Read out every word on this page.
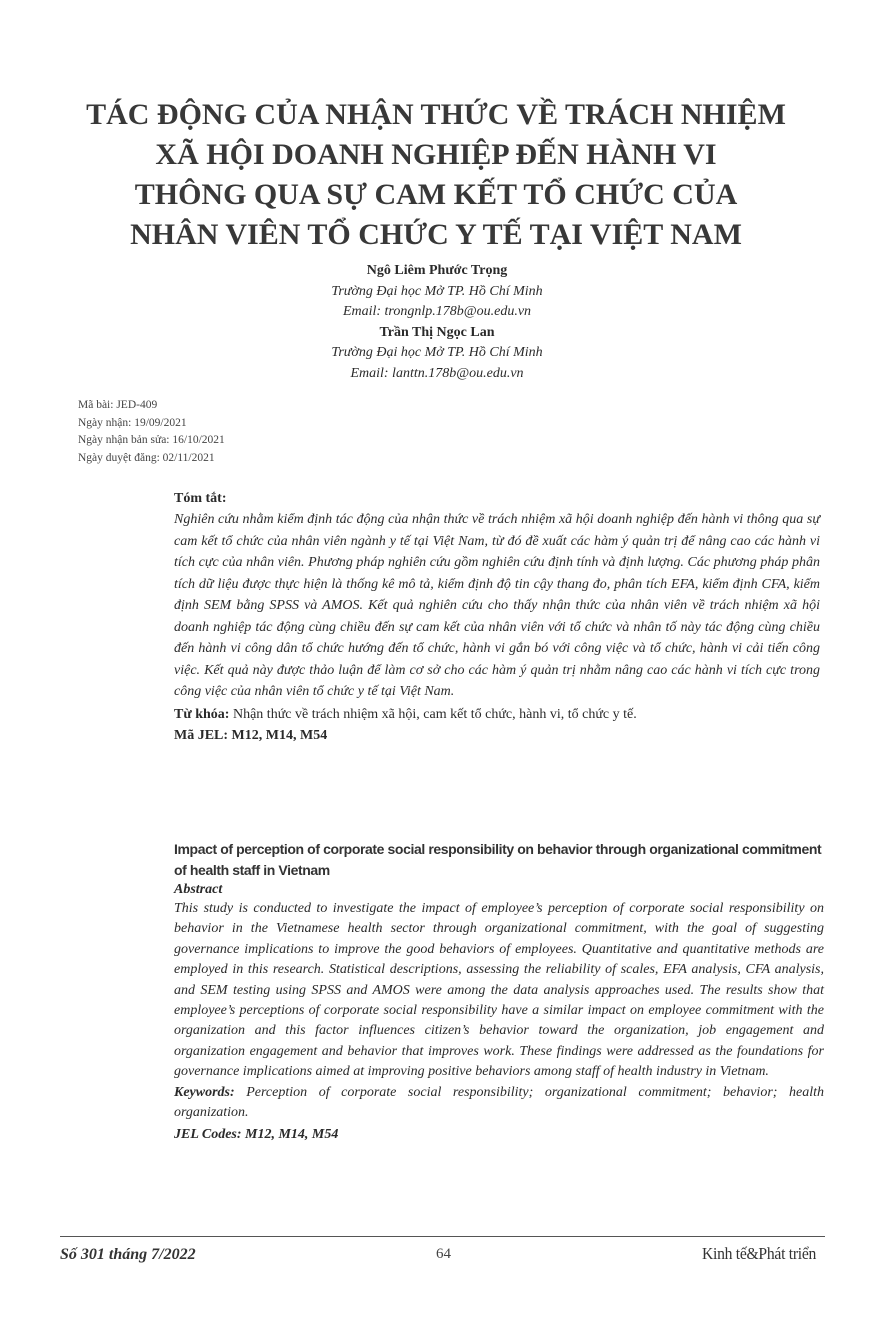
TÁC ĐỘNG CỦA NHẬN THỨC VỀ TRÁCH NHIỆM
XÃ HỘI DOANH NGHIỆP ĐẾN HÀNH VI
THÔNG QUA SỰ CAM KẾT TỔ CHỨC CỦA
NHÂN VIÊN TỔ CHỨC Y TẾ TẠI VIỆT NAM
Ngô Liêm Phước Trọng
Trường Đại học Mở TP. Hồ Chí Minh
Email: trongnlp.178b@ou.edu.vn
Trần Thị Ngọc Lan
Trường Đại học Mở TP. Hồ Chí Minh
Email: lanttn.178b@ou.edu.vn
Mã bài: JED-409
Ngày nhận: 19/09/2021
Ngày nhận bản sửa: 16/10/2021
Ngày duyệt đăng: 02/11/2021
Tóm tắt:

Nghiên cứu nhằm kiểm định tác động của nhận thức về trách nhiệm xã hội doanh nghiệp đến hành vi thông qua sự cam kết tổ chức của nhân viên ngành y tế tại Việt Nam, từ đó đề xuất các hàm ý quản trị để nâng cao các hành vi tích cực của nhân viên. Phương pháp nghiên cứu gồm nghiên cứu định tính và định lượng. Các phương pháp phân tích dữ liệu được thực hiện là thống kê mô tả, kiểm định độ tin cậy thang đo, phân tích EFA, kiểm định CFA, kiểm định SEM bằng SPSS và AMOS. Kết quả nghiên cứu cho thấy nhận thức của nhân viên về trách nhiệm xã hội doanh nghiệp tác động cùng chiều đến sự cam kết của nhân viên với tổ chức và nhân tố này tác động cùng chiều đến hành vi công dân tổ chức hướng đến tổ chức, hành vi gắn bó với công việc và tổ chức, hành vi cải tiến công việc. Kết quả này được thảo luận để làm cơ sở cho các hàm ý quản trị nhằm nâng cao các hành vi tích cực trong công việc của nhân viên tổ chức y tế tại Việt Nam.

Từ khóa: Nhận thức về trách nhiệm xã hội, cam kết tổ chức, hành vi, tổ chức y tế.
Mã JEL: M12, M14, M54

Impact of perception of corporate social responsibility on behavior through organizational commitment of health staff in Vietnam

Abstract

This study is conducted to investigate the impact of employee’s perception of corporate social responsibility on behavior in the Vietnamese health sector through organizational commitment, with the goal of suggesting governance implications to improve the good behaviors of employees. Quantitative and quantitative methods are employed in this research. Statistical descriptions, assessing the reliability of scales, EFA analysis, CFA analysis, and SEM testing using SPSS and AMOS were among the data analysis approaches used. The results show that employee’s perceptions of corporate social responsibility have a similar impact on employee commitment with the organization and this factor influences citizen’s behavior toward the organization, job engagement and organization engagement and behavior that improves work. These findings were addressed as the foundations for governance implications aimed at improving positive behaviors among staff of health industry in Vietnam.

Keywords: Perception of corporate social responsibility; organizational commitment; behavior; health organization.
JEL Codes: M12, M14, M54
Số 301 tháng 7/2022	64	Kinh tế&Phát triển
